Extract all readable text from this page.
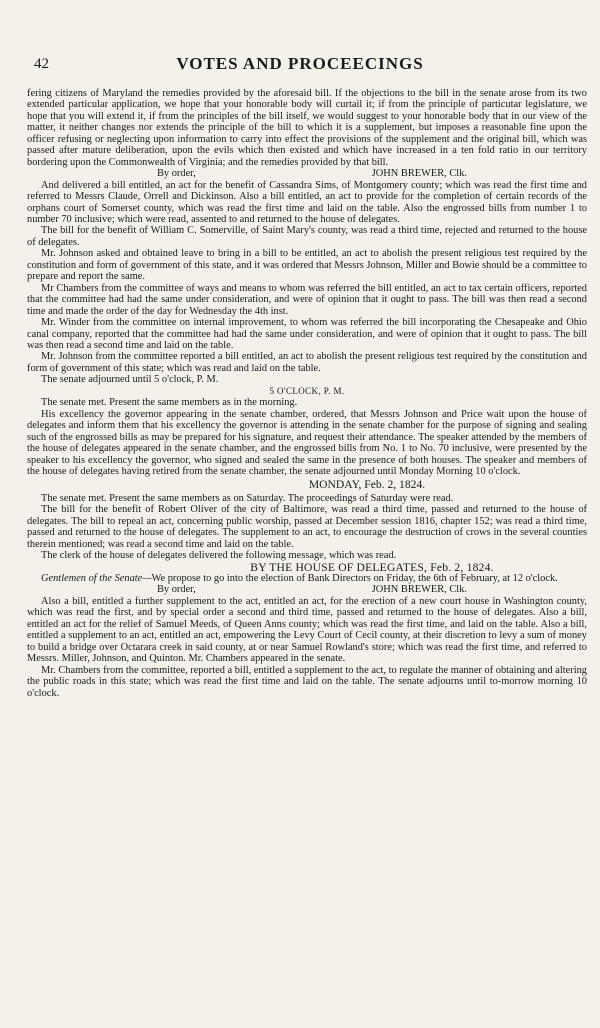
42	VOTES AND PROCEECINGS

fering citizens of Maryland the remedies provided by the aforesaid bill. If the objections to the bill in the senate arose from its two extended particular application, we hope that your honorable body will curtail it; if from the principle of particutar legislature, we hope that you will extend it, if from the principles of the bill itself, we would suggest to your honorable body that in our view of the matter, it neither changes nor extends the principle of the bill to which it is a supplement, but imposes a reasonable fine upon the officer refusing or neglecting upon information to carry into effect the provisions of the supplement and the original bill, which was passed after mature deliberation, upon the evils which then existed and which have increased in a ten fold ratio in our territory bordering upon the Commonwealth of Virginia; and the remedies provided by that bill.

By order,	JOHN BREWER, Clk.

And delivered a bill entitled, an act for the benefit of Cassandra Sims, of Montgomery county; which was read the first time and referred to Messrs Claude, Orrell and Dickinson. Also a bill entitled, an act to provide for the completion of certain records of the orphans court of Somerset county, which was read the first time and laid on the table. Also the engrossed bills from number 1 to number 70 inclusive; which were read, assented to and returned to the house of delegates.

The bill for the benefit of William C. Somerville, of Saint Mary's county, was read a third time, rejected and returned to the house of delegates.

Mr. Johnson asked and obtained leave to bring in a bill to be entitled, an act to abolish the present religious test required by the constitution and form of government of this state, and it was ordered that Messrs Johnson, Miller and Bowie should be a committee to prepare and report the same.

Mr Chambers from the committee of ways and means to whom was referred the bill entitled, an act to tax certain officers, reported that the committee had had the same under consideration, and were of opinion that it ought to pass. The bill was then read a second time and made the order of the day for Wednesday the 4th inst.

Mr. Winder from the committee on internal improvement, to whom was referred the bill incorporating the Chesapeake and Ohio canal company, reported that the committee had had the same under consideration, and were of opinion that it ought to pass. The bill was then read a second time and laid on the table.

Mr. Johnson from the committee reported a bill entitled, an act to abolish the present religious test required by the constitution and form of government of this state; which was read and laid on the table.

The senate adjourned until 5 o'clock, P. M.

5 O'CLOCK, P. M.

The senate met. Present the same members as in the morning.

His excellency the governor appearing in the senate chamber, ordered, that Messrs Johnson and Price wait upon the house of delegates and inform them that his excellency the governor is attending in the senate chamber for the purpose of signing and sealing such of the engrossed bills as may be prepared for his signature, and request their attendance. The speaker attended by the members of the house of delegates appeared in the senate chamber, and the engrossed bills from No. 1 to No. 70 inclusive, were presented by the speaker to his excellency the governor, who signed and sealed the same in the presence of both houses. The speaker and members of the house of delegates having retired from the senate chamber, the senate adjourned until Monday Morning 10 o'clock.

MONDAY, Feb. 2, 1824.

The senate met. Present the same members as on Saturday. The proceedings of Saturday were read.

The bill for the benefit of Robert Oliver of the city of Baltimore, was read a third time, passed and returned to the house of delegates. The bill to repeal an act, concerning public worship, passed at December session 1816, chapter 152; was read a third time, passed and returned to the house of delegates. The supplement to an act, to encourage the destruction of crows in the several counties therein mentioned; was read a second time and laid on the table.

The clerk of the house of delegates delivered the following message, which was read.

BY THE HOUSE OF DELEGATES, Feb. 2, 1824.

Gentlemen of the Senate—We propose to go into the election of Bank Directors on Friday, the 6th of February, at 12 o'clock.

By order,	JOHN BREWER, Clk.

Also a bill, entitled a further supplement to the act, entitled an act, for the erection of a new court house in Washington county, which was read the first, and by special order a second and third time, passed and returned to the house of delegates. Also a bill, entitled an act for the relief of Samuel Meeds, of Queen Anns county; which was read the first time, and laid on the table. Also a bill, entitled a supplement to an act, entitled an act, empowering the Levy Court of Cecil county, at their discretion to levy a sum of money to build a bridge over Octarara creek in said county, at or near Samuel Rowland's store; which was read the first time, and referred to Messrs. Miller, Johnson, and Quinton. Mr. Chambers appeared in the senate.

Mr. Chambers from the committee, reported a bill, entitled a supplement to the act, to regulate the manner of obtaining and altering the public roads in this state; which was read the first time and laid on the table. The senate adjourns until to-morrow morning 10 o'clock.
